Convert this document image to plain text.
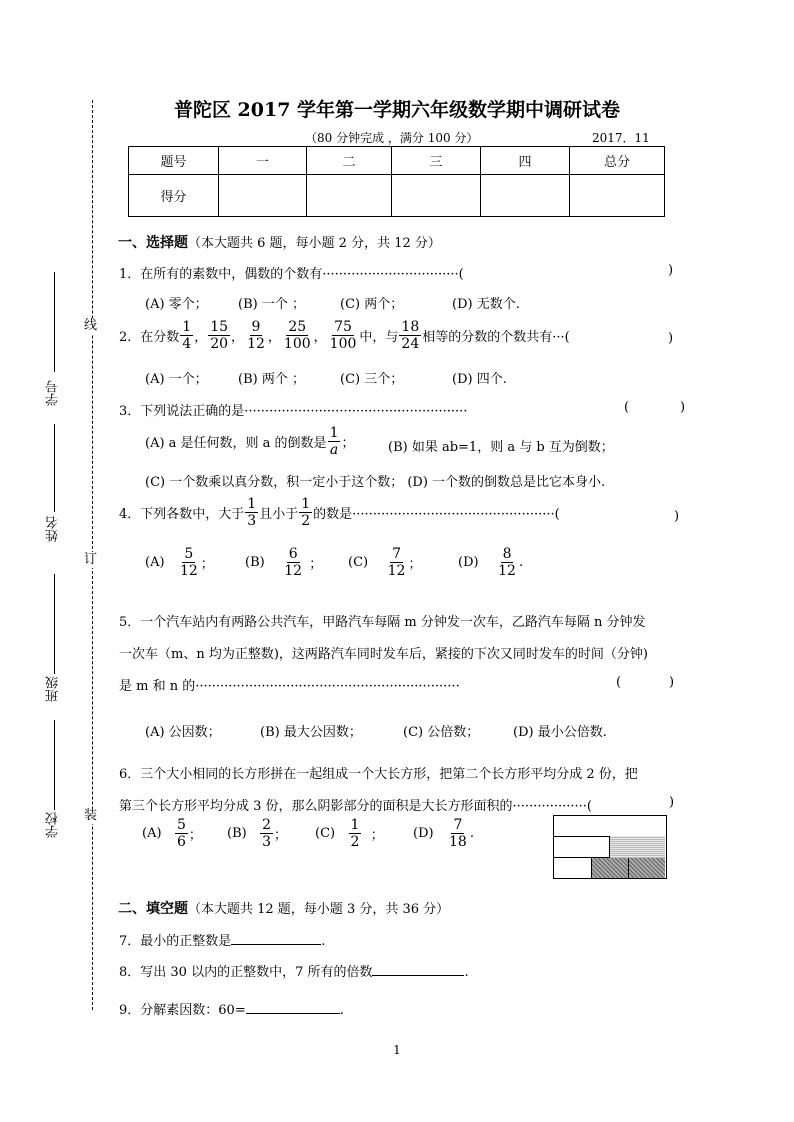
线
订
装
学号
姓名
班级
学校
普陀区 2017 学年第一学期六年级数学期中调研试卷
（80 分钟完成 ，满分 100 分）	2017．11
题号	一	二	三	四	总分
得分					
一、选择题（本大题共 6 题，每小题 2 分，共 12 分）
1．在所有的素数中，偶数的个数有·································(	)
(A) 零个； (B) 一个 ；	(C) 两个；	(D) 无数个.
2．在分数 $\frac{1}{4}$ ， $\frac{15}{20}$ ， $\frac{9}{12}$ ， $\frac{25}{100}$ ， $\frac{75}{100}$ 中，与 $\frac{18}{24}$ 相等的分数的个数共有···(	)
(A) 一个； (B) 两个 ；	(C) 三个；	(D) 四个.
3．下列说法正确的是······················································	(	)
(A) a 是任何数，则 a 的倒数是 $\frac{1}{a}$ ；	(B) 如果 ab=1，则 a 与 b 互为倒数；
(C) 一个数乘以真分数，积一定小于这个数； (D) 一个数的倒数总是比它本身小.
4．下列各数中，大于 $\frac{1}{3}$ 且小于 $\frac{1}{2}$ 的数是·················································(	)
(A)
$\frac{5}{12}$ ； (B)
$\frac{6}{12}$
； (C)
$\frac{7}{12}$ ；	(D)
$\frac{8}{12}$ .
5．一个汽车站内有两路公共汽车，甲路汽车每隔 m 分钟发一次车，乙路汽车每隔 n 分钟发
一次车（m、n 均为正整数)，这两路汽车同时发车后，紧接的下次又同时发车的时间（分钟)
是 m 和 n 的································································	(	)
(A) 公因数；	(B) 最大公因数；	(C) 公倍数；	(D) 最小公倍数.
6．三个大小相同的长方形拼在一起组成一个大长方形，把第二个长方形平均分成 2 份，把
第三个长方形平均分成 3 份，那么阴影部分的面积是大长方形面积的··················(	)
(A)
$\frac{5}{6}$ ； (B)
$\frac{2}{3}$ ； (C)
$\frac{1}{2}$
； (D)
$\frac{7}{18}$ .
二、填空题（本大题共 12 题，每小题 3 分，共 36 分）
7．最小的正整数是	.
8．写出 30 以内的正整数中，7 所有的倍数	.
9．分解素因数：60=	.
1
